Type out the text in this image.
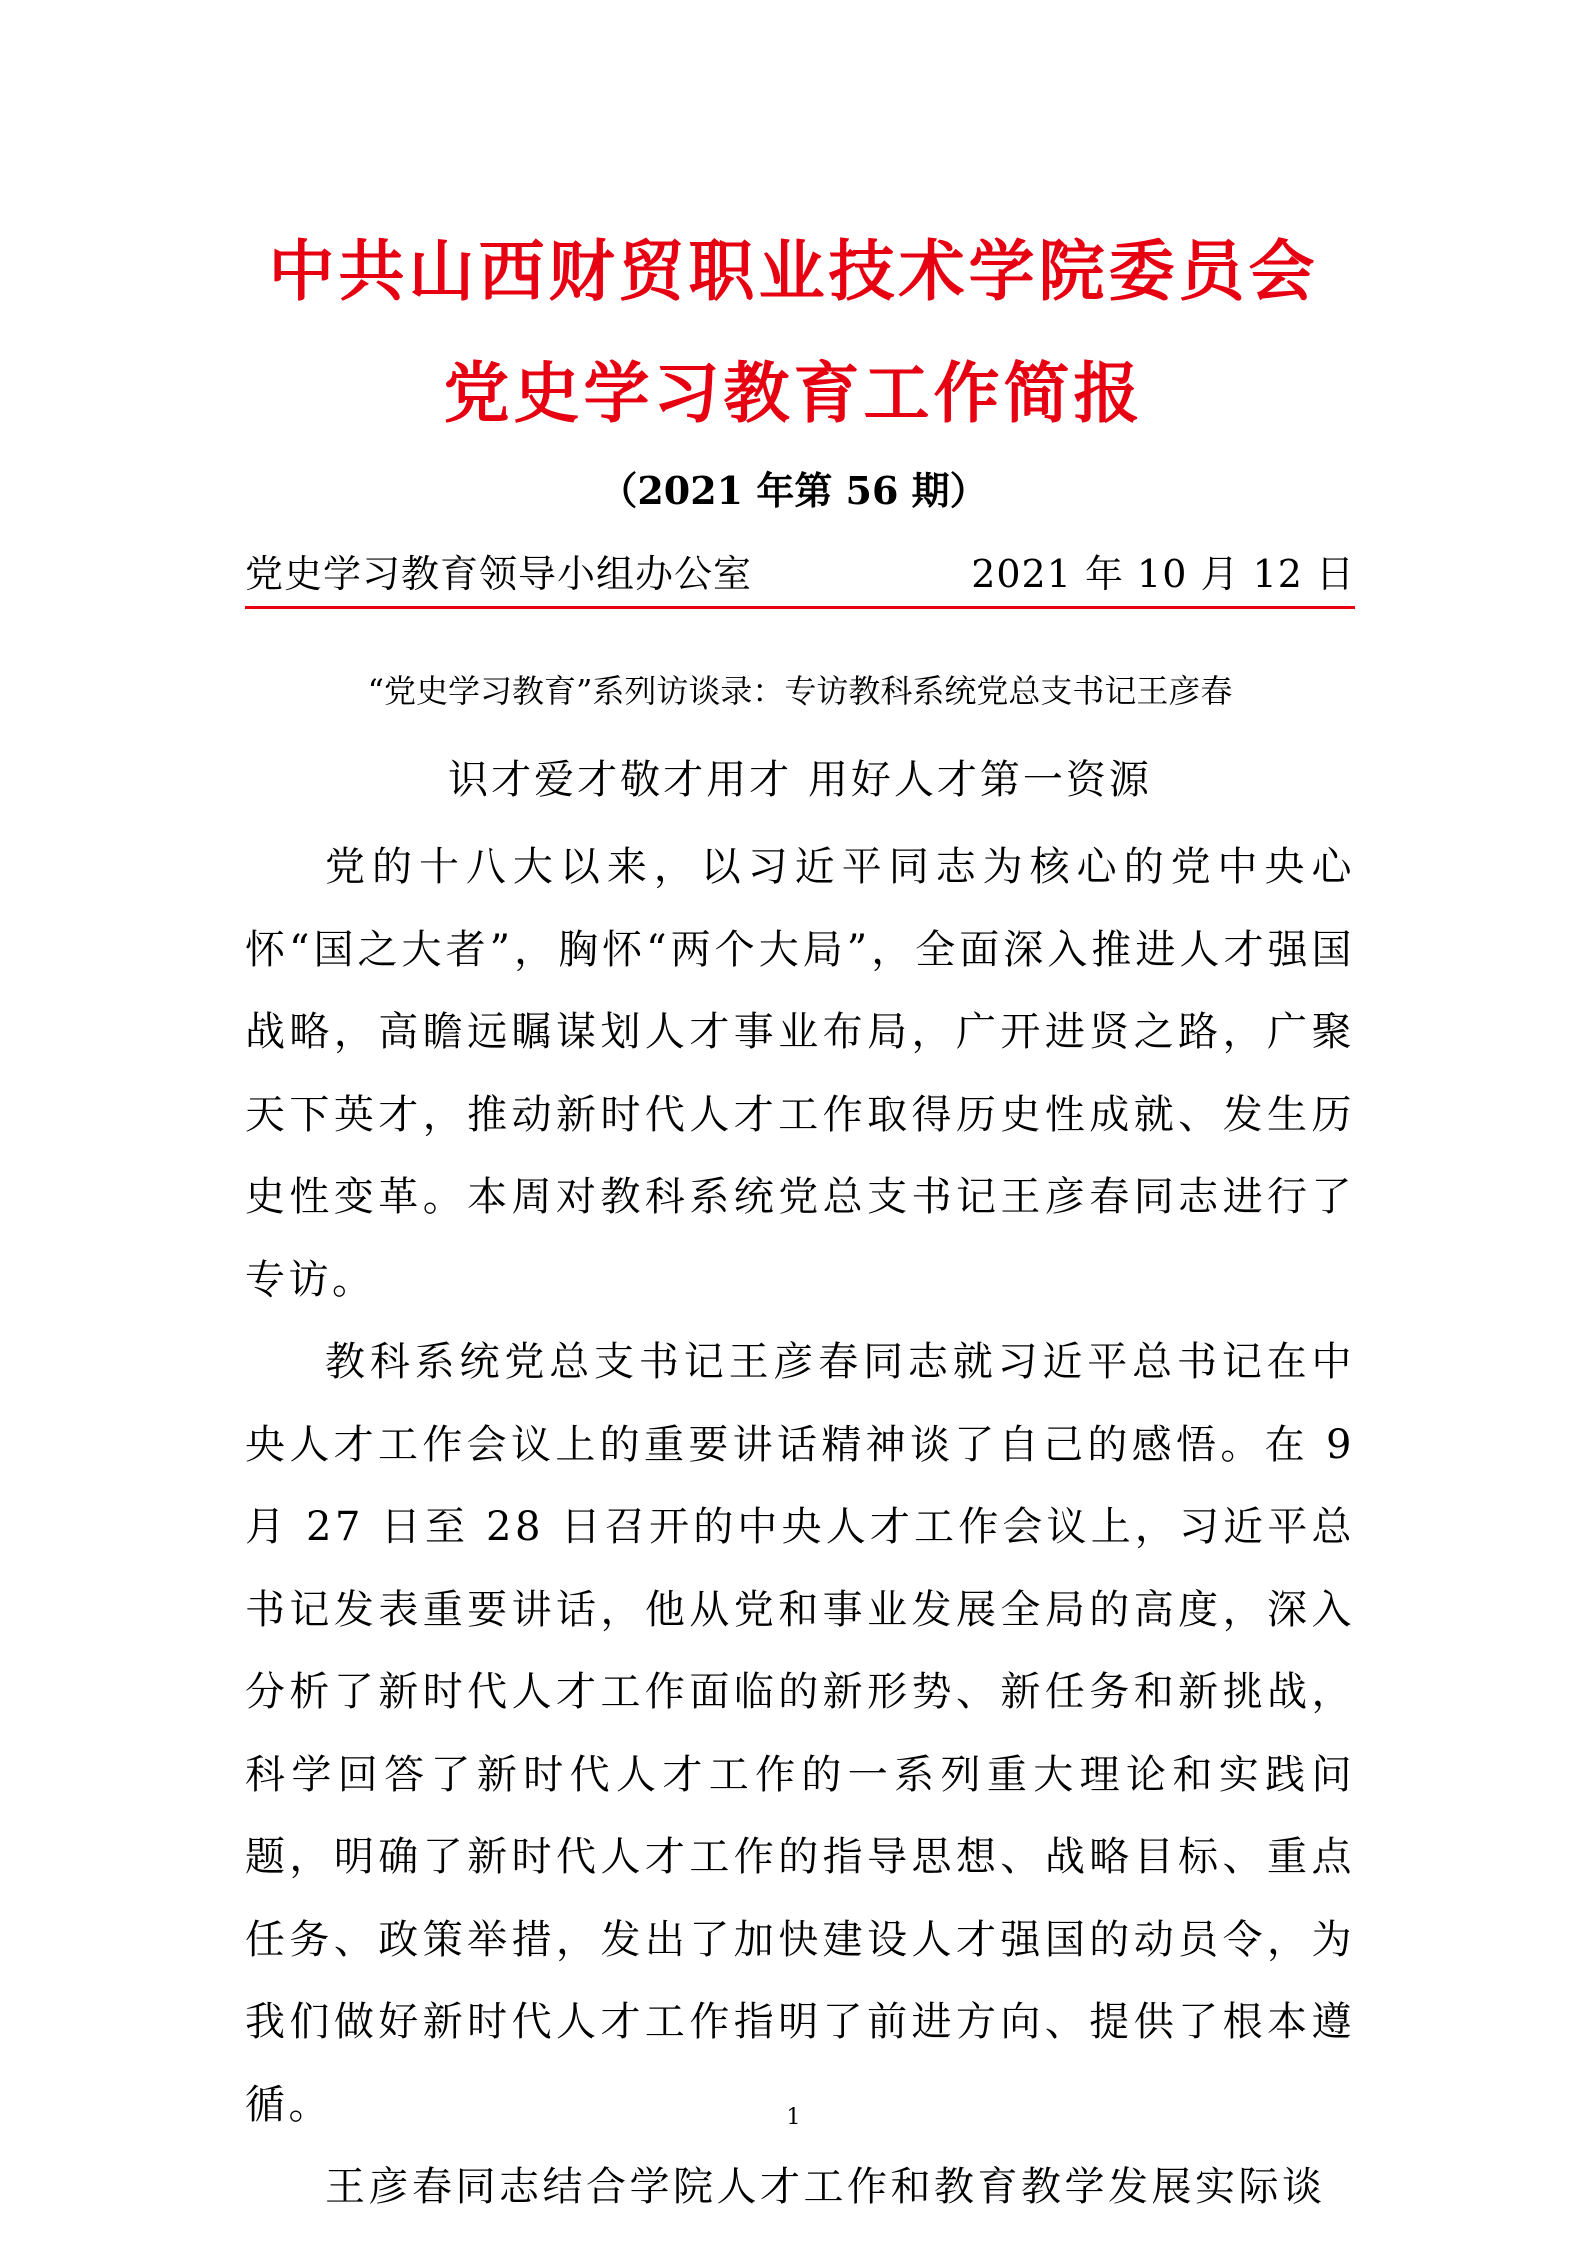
中共山西财贸职业技术学院委员会
党史学习教育工作简报
（2021 年第 56 期）
党史学习教育领导小组办公室	2021 年 10 月 12 日
“党史学习教育”系列访谈录：专访教科系统党总支书记王彦春
识才爱才敬才用才 用好人才第一资源

党的十八大以来，以习近平同志为核心的党中央心怀“国之大者”，胸怀“两个大局”，全面深入推进人才强国战略，高瞻远瞩谋划人才事业布局，广开进贤之路，广聚天下英才，推动新时代人才工作取得历史性成就、发生历史性变革。本周对教科系统党总支书记王彦春同志进行了专访。

教科系统党总支书记王彦春同志就习近平总书记在中央人才工作会议上的重要讲话精神谈了自己的感悟。在 9 月 27 日至 28 日召开的中央人才工作会议上，习近平总书记发表重要讲话，他从党和事业发展全局的高度，深入分析了新时代人才工作面临的新形势、新任务和新挑战，科学回答了新时代人才工作的一系列重大理论和实践问题，明确了新时代人才工作的指导思想、战略目标、重点任务、政策举措，发出了加快建设人才强国的动员令，为我们做好新时代人才工作指明了前进方向、提供了根本遵循。

王彦春同志结合学院人才工作和教育教学发展实际谈

1
